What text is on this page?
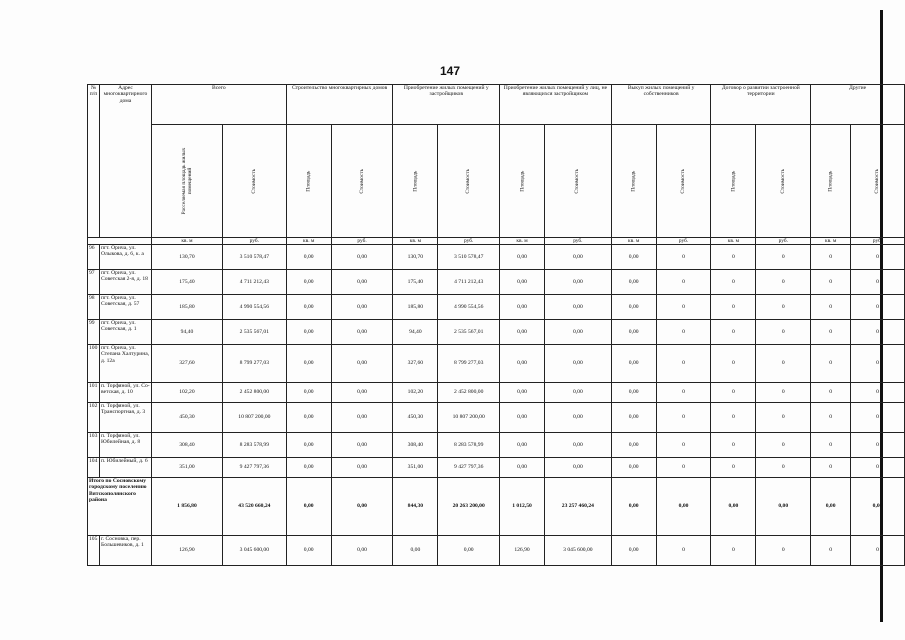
147
№ п/п	Адрес многоквартирного дома	Всего		Строительство многоквартирных домов		Приобретение жилых помещений у застройщиков		Приобретение жилых помещений у лиц, не являющихся застройщиком		Выкуп жилых помещений у собственников		Договор о развитии застроенной территории		Другие	
		Расселяемая площадь жилых помещений	Стоимость	Площадь	Стоимость	Площадь	Стоимость	Площадь	Стоимость	Площадь	Стоимость	Площадь	Стоимость	Площадь	Стоимость
		кв. м	руб.	кв. м	руб.	кв. м	руб.	кв. м	руб.	кв. м	руб.	кв. м	руб.	кв. м	руб.
96	пгт. Орича, ул. Олыкова, д. 6, к. а	130,70	3 510 578,47	0,00	0,00	130,70	3 510 578,47	0,00	0,00	0,00	0	0	0	0	0
97	пгт. Орича, ул. Советская 2-я, д. 18	175,40	4 711 212,43	0,00	0,00	175,40	4 711 212,43	0,00	0,00	0,00	0	0	0	0	0
98	пгт. Орича, ул. Советская, д. 57	185,80	4 990 554,56	0,00	0,00	185,80	4 990 554,56	0,00	0,00	0,00	0	0	0	0	0
99	пгт. Орича, ул. Советская, д. 1	94,40	2 535 567,01	0,00	0,00	94,40	2 535 567,01	0,00	0,00	0,00	0	0	0	0	0
100	пгт. Орича, ул. Степана Халтурина, д. 12а	327,60	8 799 277,03	0,00	0,00	327,60	8 799 277,03	0,00	0,00	0,00	0	0	0	0	0
101	п. Торфяной, ул. Со-ветская, д. 10	102,20	2 452 800,00	0,00	0,00	102,20	2 452 800,00	0,00	0,00	0,00	0	0	0	0	0
102	п. Торфяной, ул. Транспортная, д. 3	450,30	10 807 200,00	0,00	0,00	450,30	10 807 200,00	0,00	0,00	0,00	0	0	0	0	0
103	п. Торфяной, ул. Юбилейная, д. 8	308,40	8 283 578,99	0,00	0,00	308,40	8 283 578,99	0,00	0,00	0,00	0	0	0	0	0
104	п. Юбилейный, д. 6	351,00	9 427 797,36	0,00	0,00	351,00	9 427 797,36	0,00	0,00	0,00	0	0	0	0	0
Итого по Сосновскому городскому поселению Вятскополянского района		1 856,80	43 520 660,24	0,00	0,00	844,30	20 263 200,00	1 012,50	23 257 460,24	0,00	0,00	0,00	0,00	0,00	0,00
105	г. Сосновка, пер. Большевиков, д. 1	126,90	3 045 600,00	0,00	0,00	0,00	0,00	126,90	3 045 600,00	0,00	0	0	0	0	0
